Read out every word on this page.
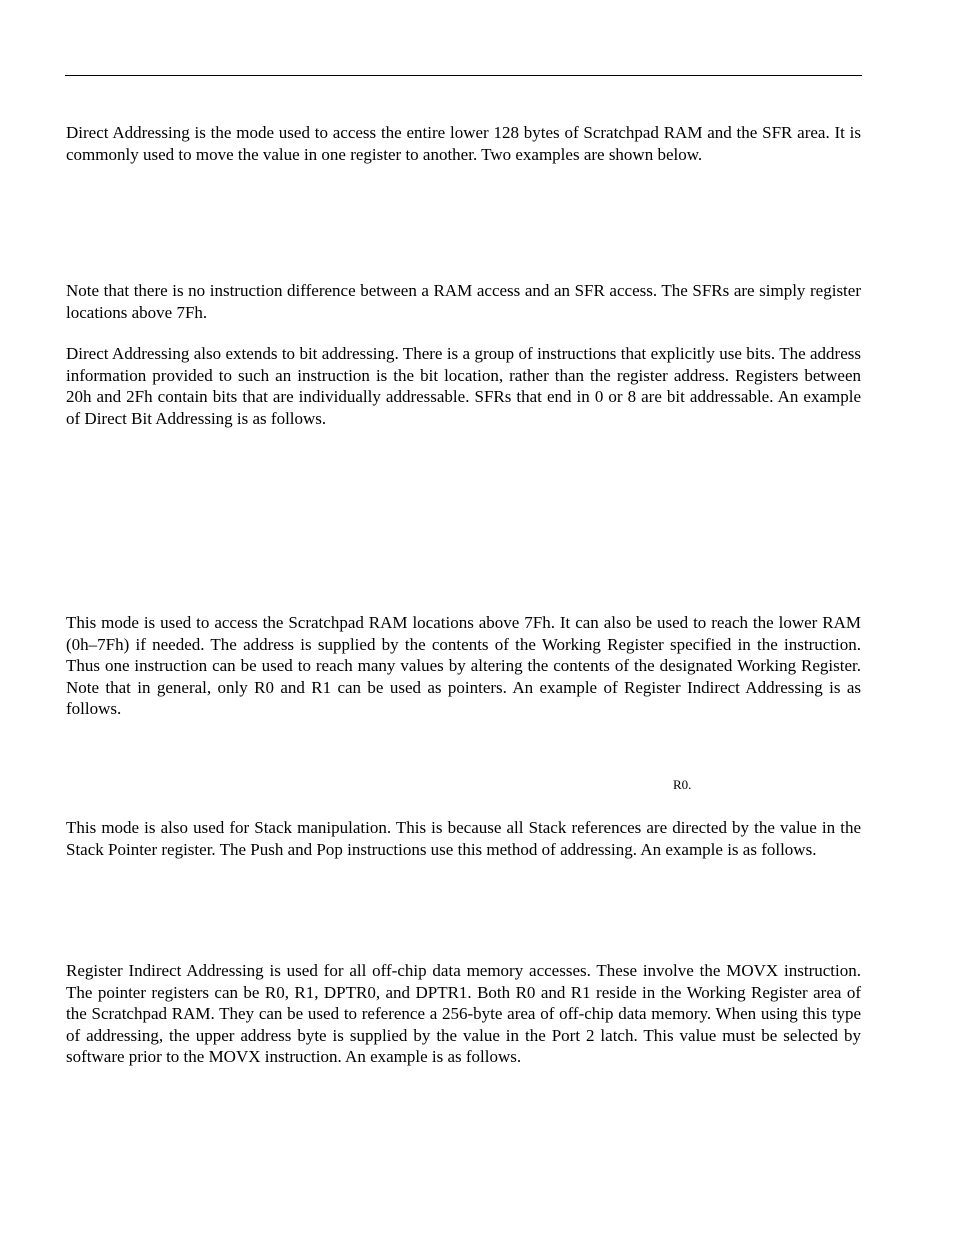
Direct Addressing is the mode used to access the entire lower 128 bytes of Scratchpad RAM and the SFR area. It is commonly used to move the value in one register to another. Two examples are shown below.

Note that there is no instruction difference between a RAM access and an SFR access. The SFRs are simply register locations above 7Fh.

Direct Addressing also extends to bit addressing. There is a group of instructions that explicitly use bits. The address information provided to such an instruction is the bit location, rather than the register address. Registers between 20h and 2Fh contain bits that are individually addressable. SFRs that end in 0 or 8 are bit addressable. An example of Direct Bit Addressing is as follows.

This mode is used to access the Scratchpad RAM locations above 7Fh. It can also be used to reach the lower RAM (0h–7Fh) if needed. The address is supplied by the contents of the Working Register specified in the instruction. Thus one instruction can be used to reach many values by altering the contents of the designated Working Register. Note that in general, only R0 and R1 can be used as pointers. An example of Register Indirect Addressing is as follows.

R0.

This mode is also used for Stack manipulation. This is because all Stack references are directed by the value in the Stack Pointer register. The Push and Pop instructions use this method of addressing. An example is as follows.

Register Indirect Addressing is used for all off-chip data memory accesses. These involve the MOVX instruction. The pointer registers can be R0, R1, DPTR0, and DPTR1. Both R0 and R1 reside in the Working Register area of the Scratchpad RAM. They can be used to reference a 256-byte area of off-chip data memory. When using this type of addressing, the upper address byte is supplied by the value in the Port 2 latch. This value must be selected by software prior to the MOVX instruction. An example is as follows.
